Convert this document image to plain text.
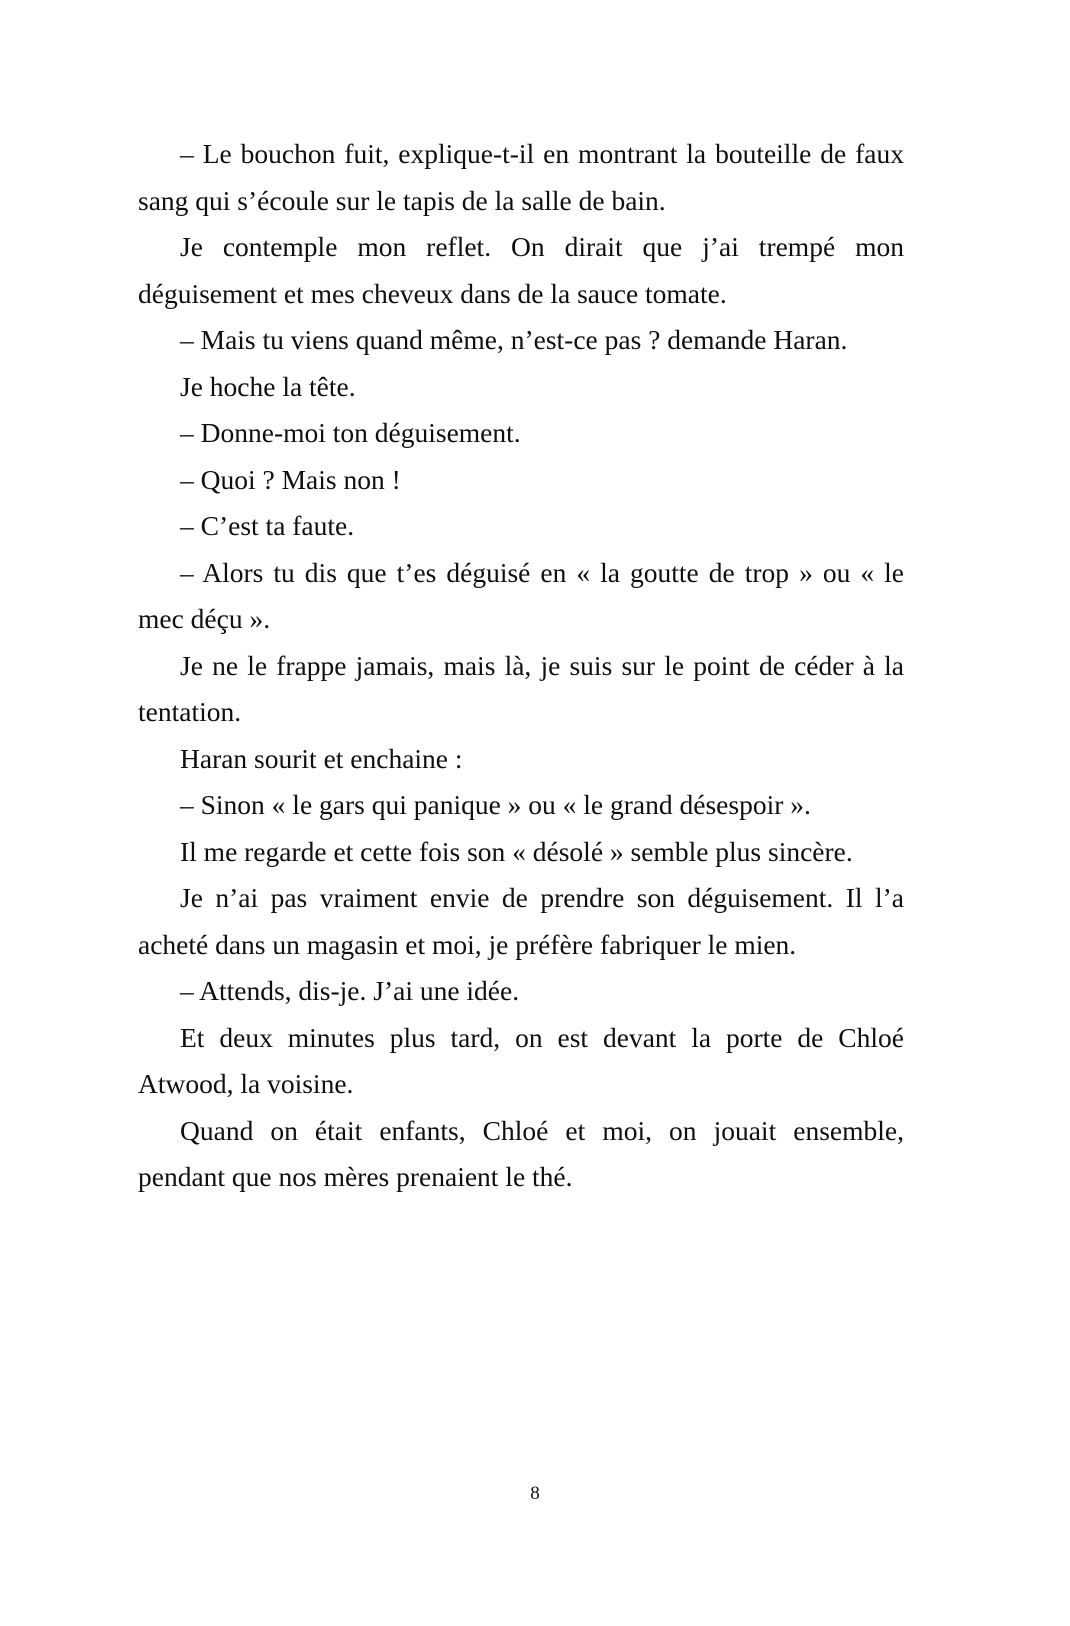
– Le bouchon fuit, explique-t-il en montrant la bouteille de faux sang qui s’écoule sur le tapis de la salle de bain.

Je contemple mon reflet. On dirait que j’ai trempé mon déguisement et mes cheveux dans de la sauce tomate.

– Mais tu viens quand même, n’est-ce pas ? demande Haran.

Je hoche la tête.

– Donne-moi ton déguisement.

– Quoi ? Mais non !

– C’est ta faute.

– Alors tu dis que t’es déguisé en « la goutte de trop » ou « le mec déçu ».

Je ne le frappe jamais, mais là, je suis sur le point de céder à la tentation.

Haran sourit et enchaine :

– Sinon « le gars qui panique » ou « le grand désespoir ».

Il me regarde et cette fois son « désolé » semble plus sincère.

Je n’ai pas vraiment envie de prendre son déguisement. Il l’a acheté dans un magasin et moi, je préfère fabriquer le mien.

– Attends, dis-je. J’ai une idée.

Et deux minutes plus tard, on est devant la porte de Chloé Atwood, la voisine.

Quand on était enfants, Chloé et moi, on jouait ensemble, pendant que nos mères prenaient le thé.

8
